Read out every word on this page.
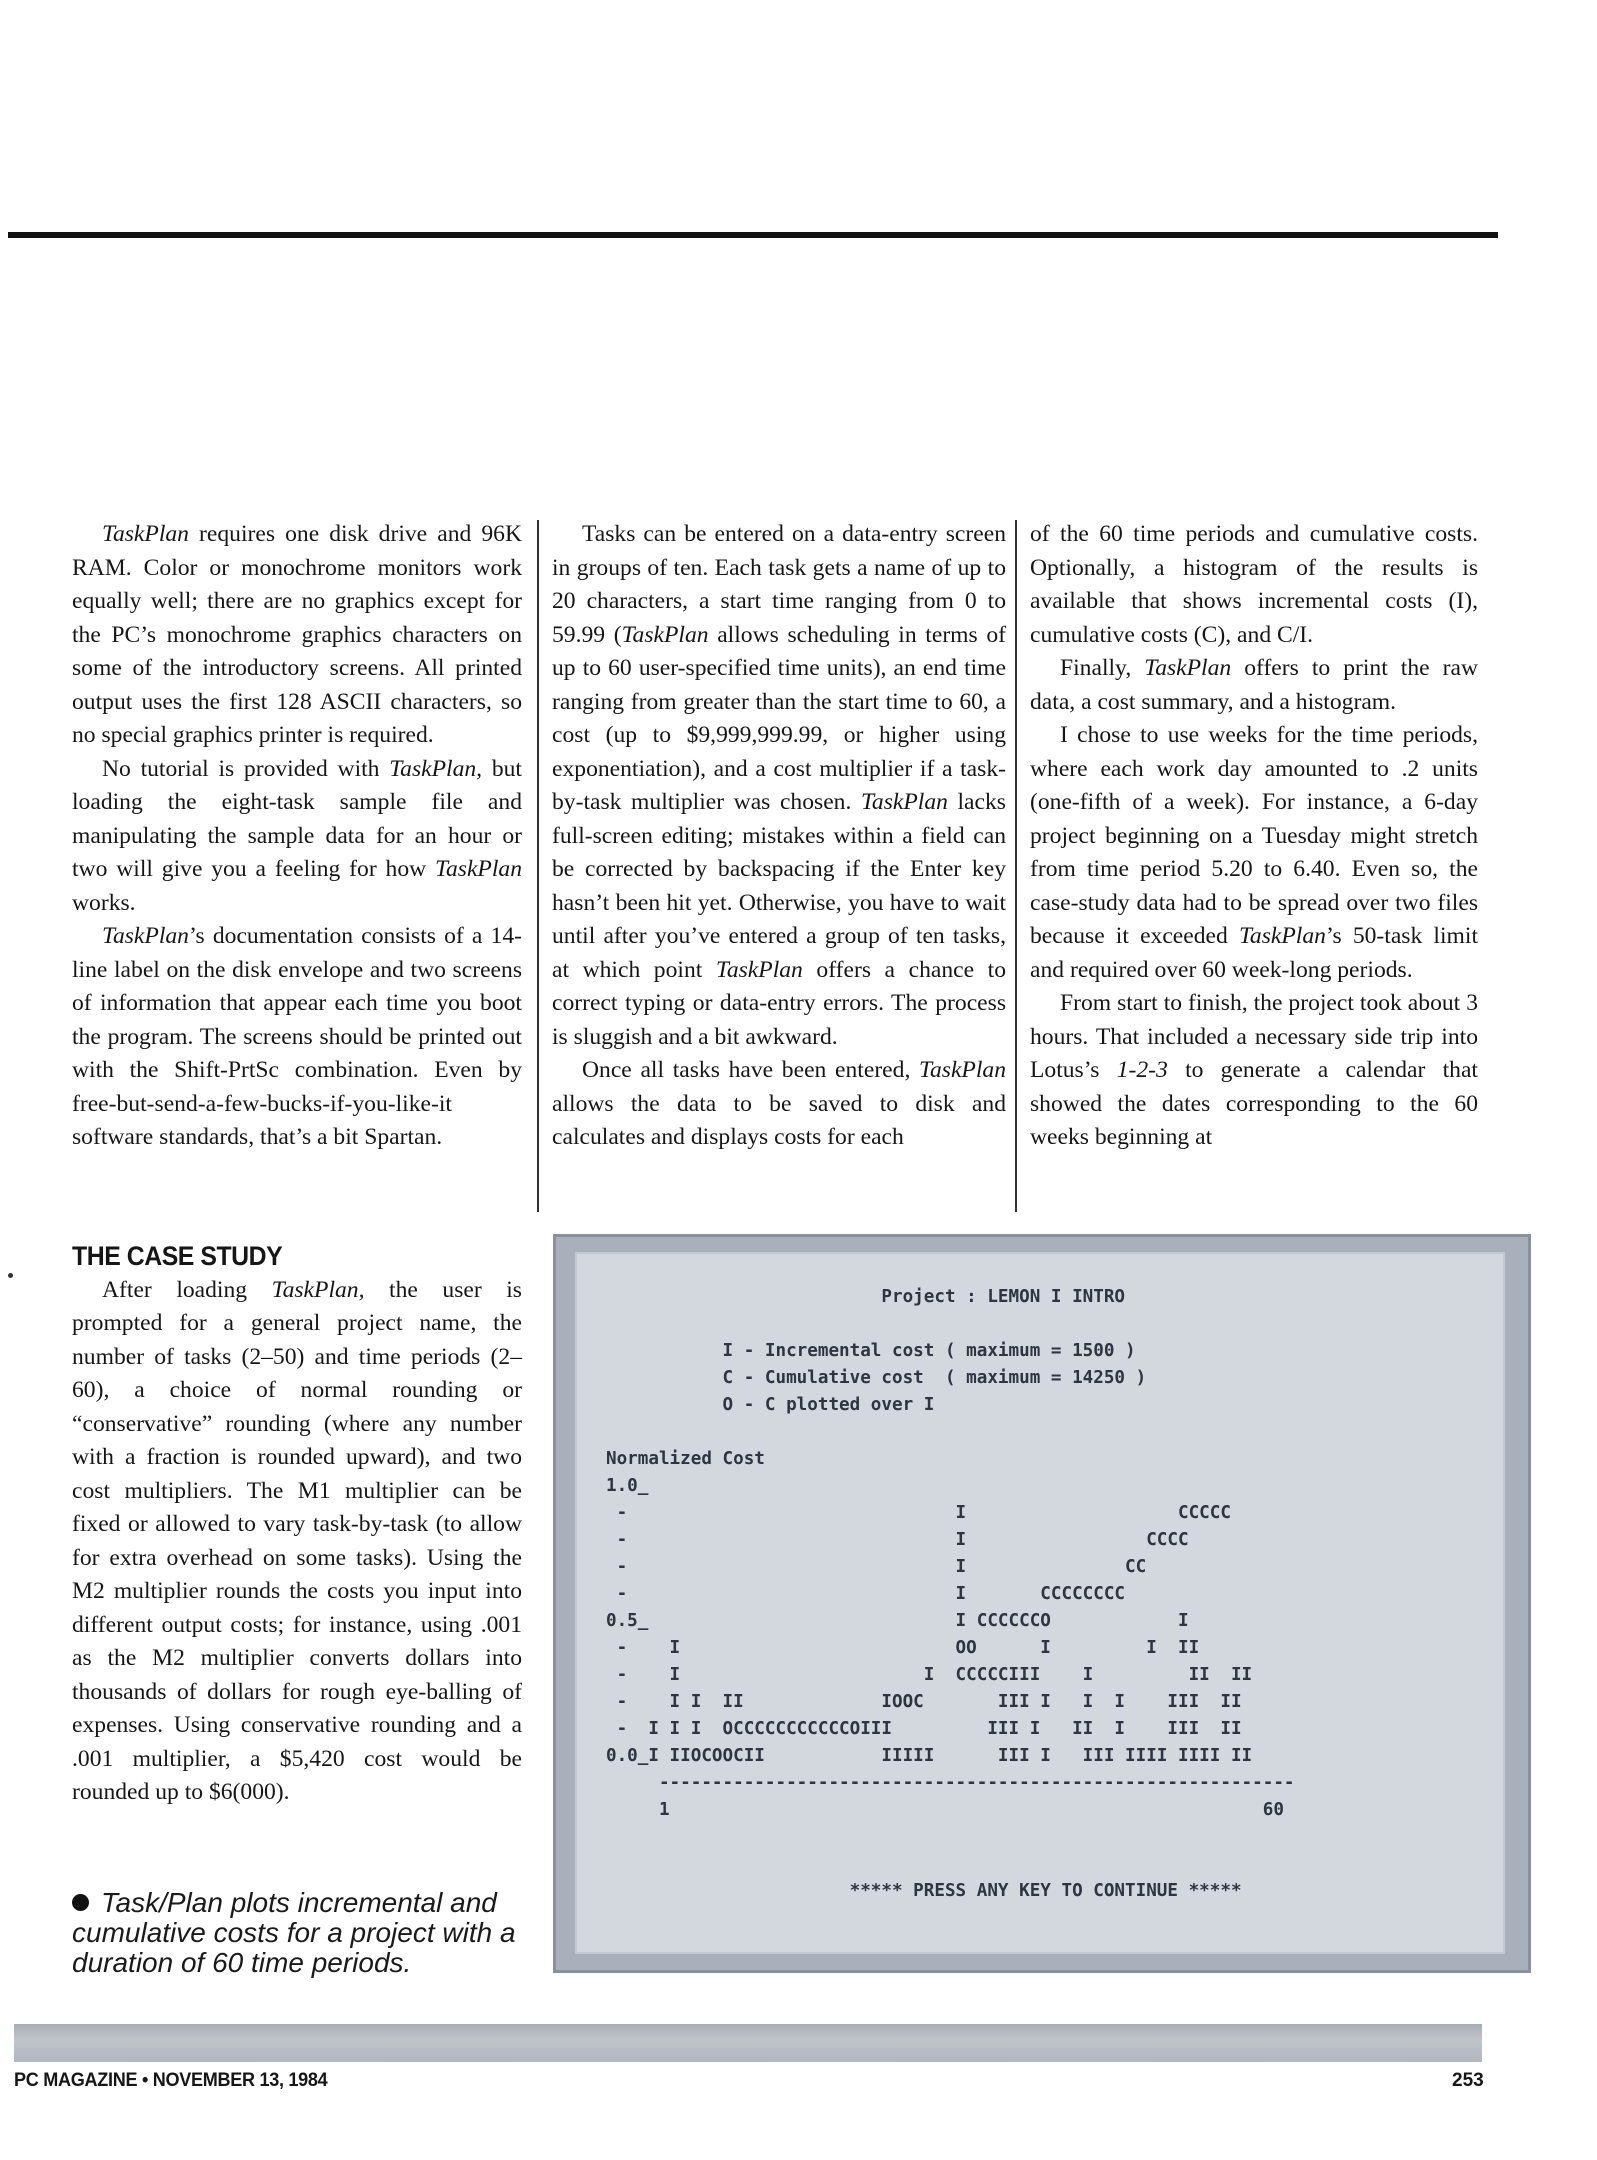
TaskPlan requires one disk drive and 96K RAM. Color or monochrome monitors work equally well; there are no graphics except for the PC’s monochrome graphics characters on some of the introductory screens. All printed output uses the first 128 ASCII characters, so no special graphics printer is required.

No tutorial is provided with TaskPlan, but loading the eight-task sample file and manipulating the sample data for an hour or two will give you a feeling for how TaskPlan works.

TaskPlan’s documentation consists of a 14-line label on the disk envelope and two screens of information that appear each time you boot the program. The screens should be printed out with the Shift-PrtSc combination. Even by free-but-send-a-few-bucks-if-you-like-it software standards, that’s a bit Spartan.

Tasks can be entered on a data-entry screen in groups of ten. Each task gets a name of up to 20 characters, a start time ranging from 0 to 59.99 (TaskPlan allows scheduling in terms of up to 60 user-specified time units), an end time ranging from greater than the start time to 60, a cost (up to $9,999,999.99, or higher using exponentiation), and a cost multiplier if a task-by-task multiplier was chosen. TaskPlan lacks full-screen editing; mistakes within a field can be corrected by backspacing if the Enter key hasn’t been hit yet. Otherwise, you have to wait until after you’ve entered a group of ten tasks, at which point TaskPlan offers a chance to correct typing or data-entry errors. The process is sluggish and a bit awkward.

Once all tasks have been entered, TaskPlan allows the data to be saved to disk and calculates and displays costs for each

of the 60 time periods and cumulative costs. Optionally, a histogram of the results is available that shows incremental costs (I), cumulative costs (C), and C/I.

Finally, TaskPlan offers to print the raw data, a cost summary, and a histogram.

I chose to use weeks for the time periods, where each work day amounted to .2 units (one-fifth of a week). For instance, a 6-day project beginning on a Tuesday might stretch from time period 5.20 to 6.40. Even so, the case-study data had to be spread over two files because it exceeded TaskPlan’s 50-task limit and required over 60 week-long periods.

From start to finish, the project took about 3 hours. That included a necessary side trip into Lotus’s 1-2-3 to generate a calendar that showed the dates corresponding to the 60 weeks beginning at

THE CASE STUDY

After loading TaskPlan, the user is prompted for a general project name, the number of tasks (2–50) and time periods (2–60), a choice of normal rounding or “conservative” rounding (where any number with a fraction is rounded upward), and two cost multipliers. The M1 multiplier can be fixed or allowed to vary task-by-task (to allow for extra overhead on some tasks). Using the M2 multiplier rounds the costs you input into different output costs; for instance, using .001 as the M2 multiplier converts dollars into thousands of dollars for rough eye-balling of expenses. Using conservative rounding and a .001 multiplier, a $5,420 cost would be rounded up to $6(000).

Task/Plan plots incremental and cumulative costs for a project with a duration of 60 time periods.
Project : LEMON I INTRO

I - Incremental cost ( maximum = 1500 )
C - Cumulative cost  ( maximum = 14250 )
O - C plotted over I

Normalized Cost
1.0_
-                               I                    CCCCC
-                               I                 CCCC
-                               I               CC
-                               I       CCCCCCCC
0.5_                             I CCCCCCO            I
-    I                          OO      I         I  II
-    I                       I  CCCCCIII    I         II  II
-    I I  II             IOOC       III I   I  I    III  II
-  I I I  OCCCCCCCCCCCOIII         III I   II  I    III  II
0.0_I IIOCOOCII           IIIII      III I   III IIII IIII II
------------------------------------------------------------
1                                                        60

***** PRESS ANY KEY TO CONTINUE *****
PC MAGAZINE • NOVEMBER 13, 1984	253
